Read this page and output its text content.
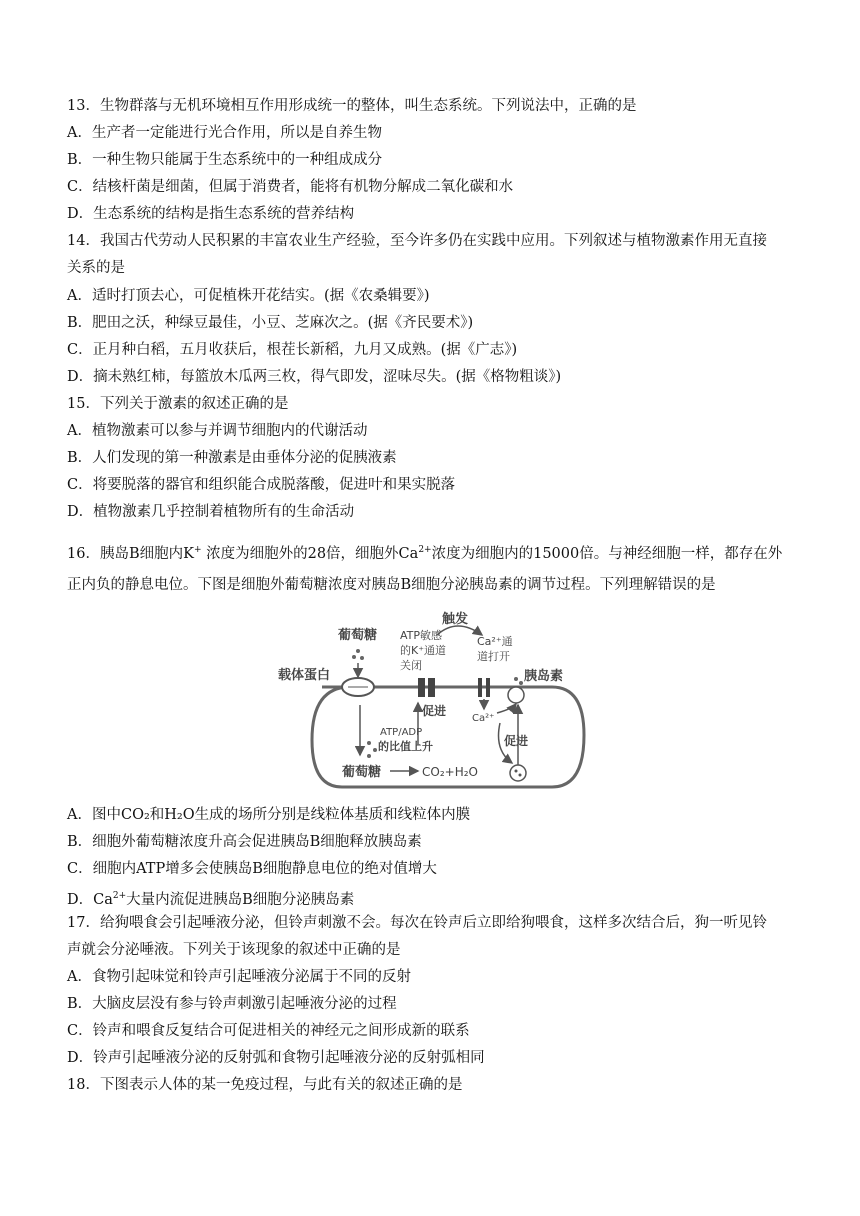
13．生物群落与无机环境相互作用形成统一的整体，叫生态系统。下列说法中，正确的是
A．生产者一定能进行光合作用，所以是自养生物
B．一种生物只能属于生态系统中的一种组成成分
C．结核杆菌是细菌，但属于消费者，能将有机物分解成二氧化碳和水
D．生态系统的结构是指生态系统的营养结构
14．我国古代劳动人民积累的丰富农业生产经验，至今许多仍在实践中应用。下列叙述与植物激素作用无直接
关系的是
A．适时打顶去心，可促植株开花结实。(据《农桑辑要》)
B．肥田之沃，种绿豆最佳，小豆、芝麻次之。(据《齐民要术》)
C．正月种白稻，五月收获后，根茬长新稻，九月又成熟。(据《广志》)
D．摘未熟红柿，每篮放木瓜两三枚，得气即发，涩味尽失。(据《格物粗谈》)
15．下列关于激素的叙述正确的是
A．植物激素可以参与并调节细胞内的代谢活动
B．人们发现的第一种激素是由垂体分泌的促胰液素
C．将要脱落的器官和组织能合成脱落酸，促进叶和果实脱落
D．植物激素几乎控制着植物所有的生命活动
16．胰岛B细胞内K+ 浓度为细胞外的28倍，细胞外$Ca^{2+}$浓度为细胞内的15000倍。与神经细胞一样，都存在外
正内负的静息电位。下图是细胞外葡萄糖浓度对胰岛B细胞分泌胰岛素的调节过程。下列理解错误的是
葡萄糖
载体蛋白
ATP敏感
的K⁺通道
关闭
触发
Ca²⁺通
道打开
胰岛素
促进
ATP/ADP
的比值上升
Ca²⁺
促进
葡萄糖	CO₂+H₂O
A．图中CO₂和H₂O生成的场所分别是线粒体基质和线粒体内膜
B．细胞外葡萄糖浓度升高会促进胰岛B细胞释放胰岛素
C．细胞内ATP增多会使胰岛B细胞静息电位的绝对值增大
D．$Ca^{2+}$大量内流促进胰岛B细胞分泌胰岛素
17．给狗喂食会引起唾液分泌，但铃声刺激不会。每次在铃声后立即给狗喂食，这样多次结合后，狗一听见铃
声就会分泌唾液。下列关于该现象的叙述中正确的是
A．食物引起味觉和铃声引起唾液分泌属于不同的反射
B．大脑皮层没有参与铃声刺激引起唾液分泌的过程
C．铃声和喂食反复结合可促进相关的神经元之间形成新的联系
D．铃声引起唾液分泌的反射弧和食物引起唾液分泌的反射弧相同
18．下图表示人体的某一免疫过程，与此有关的叙述正确的是
